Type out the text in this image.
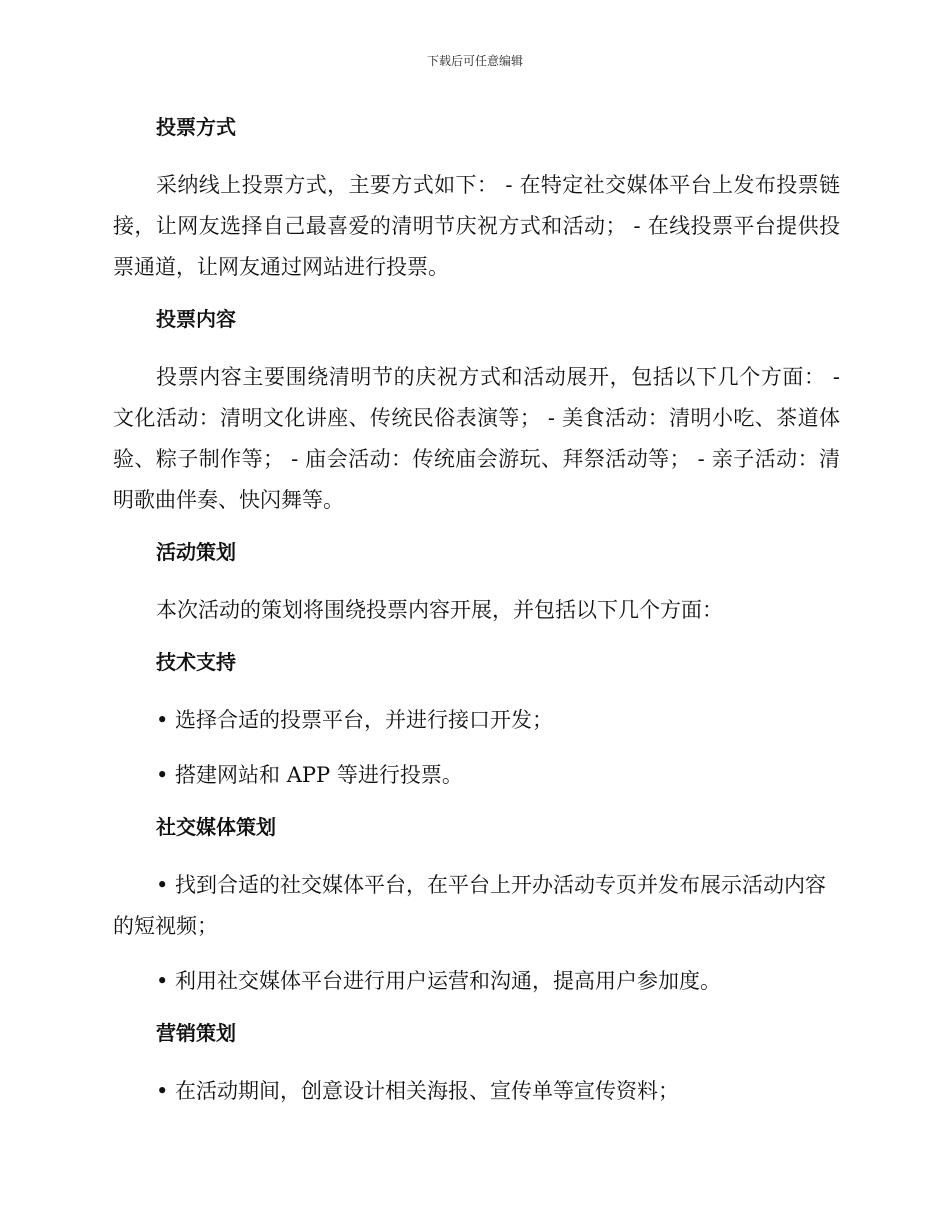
下载后可任意编辑
投票方式
采纳线上投票方式，主要方式如下： - 在特定社交媒体平台上发布投票链接，让网友选择自己最喜爱的清明节庆祝方式和活动； - 在线投票平台提供投票通道，让网友通过网站进行投票。
投票内容
投票内容主要围绕清明节的庆祝方式和活动展开，包括以下几个方面： - 文化活动：清明文化讲座、传统民俗表演等； - 美食活动：清明小吃、茶道体验、粽子制作等； - 庙会活动：传统庙会游玩、拜祭活动等； - 亲子活动：清明歌曲伴奏、快闪舞等。
活动策划
本次活动的策划将围绕投票内容开展，并包括以下几个方面：
技术支持
• 选择合适的投票平台，并进行接口开发；
• 搭建网站和 APP 等进行投票。
社交媒体策划
• 找到合适的社交媒体平台，在平台上开办活动专页并发布展示活动内容的短视频；
• 利用社交媒体平台进行用户运营和沟通，提高用户参加度。
营销策划
• 在活动期间，创意设计相关海报、宣传单等宣传资料；
